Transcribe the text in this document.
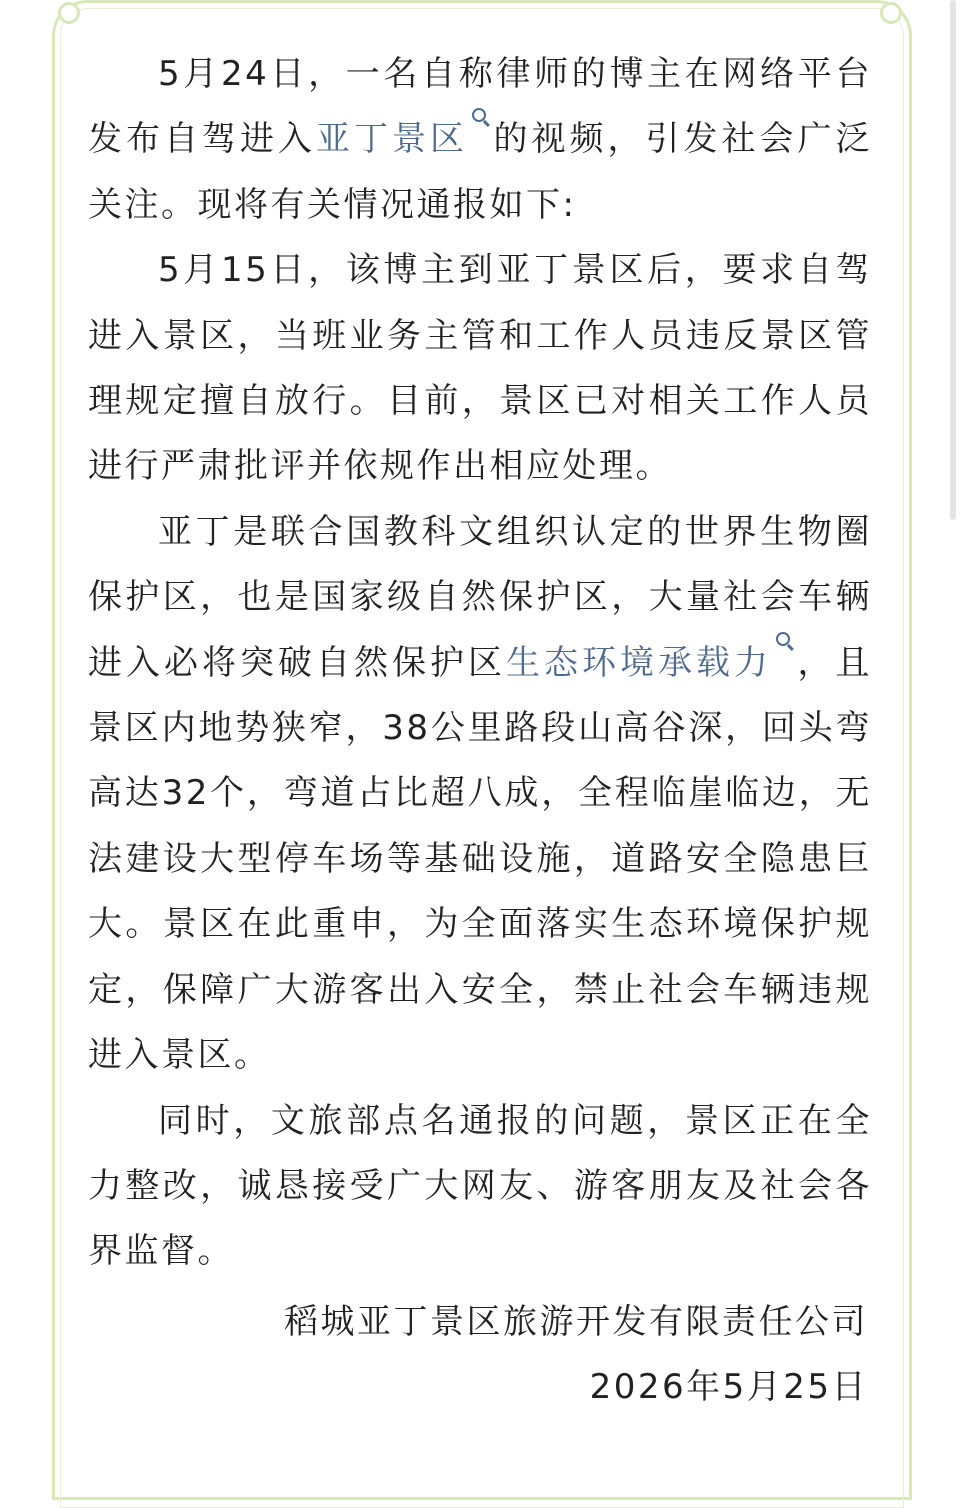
5月24日，一名自称律师的博主在网络平台发布自驾进入亚丁景区 的视频，引发社会广泛关注。现将有关情况通报如下:

5月15日，该博主到亚丁景区后，要求自驾进入景区，当班业务主管和工作人员违反景区管理规定擅自放行。目前，景区已对相关工作人员进行严肃批评并依规作出相应处理。

亚丁是联合国教科文组织认定的世界生物圈保护区，也是国家级自然保护区，大量社会车辆进入必将突破自然保护区生态环境承载力 ，且景区内地势狭窄，38公里路段山高谷深，回头弯高达32个，弯道占比超八成，全程临崖临边，无法建设大型停车场等基础设施，道路安全隐患巨大。景区在此重申，为全面落实生态环境保护规定，保障广大游客出入安全，禁止社会车辆违规进入景区。

同时，文旅部点名通报的问题，景区正在全力整改，诚恳接受广大网友、游客朋友及社会各界监督。

稻城亚丁景区旅游开发有限责任公司
2026年5月25日
